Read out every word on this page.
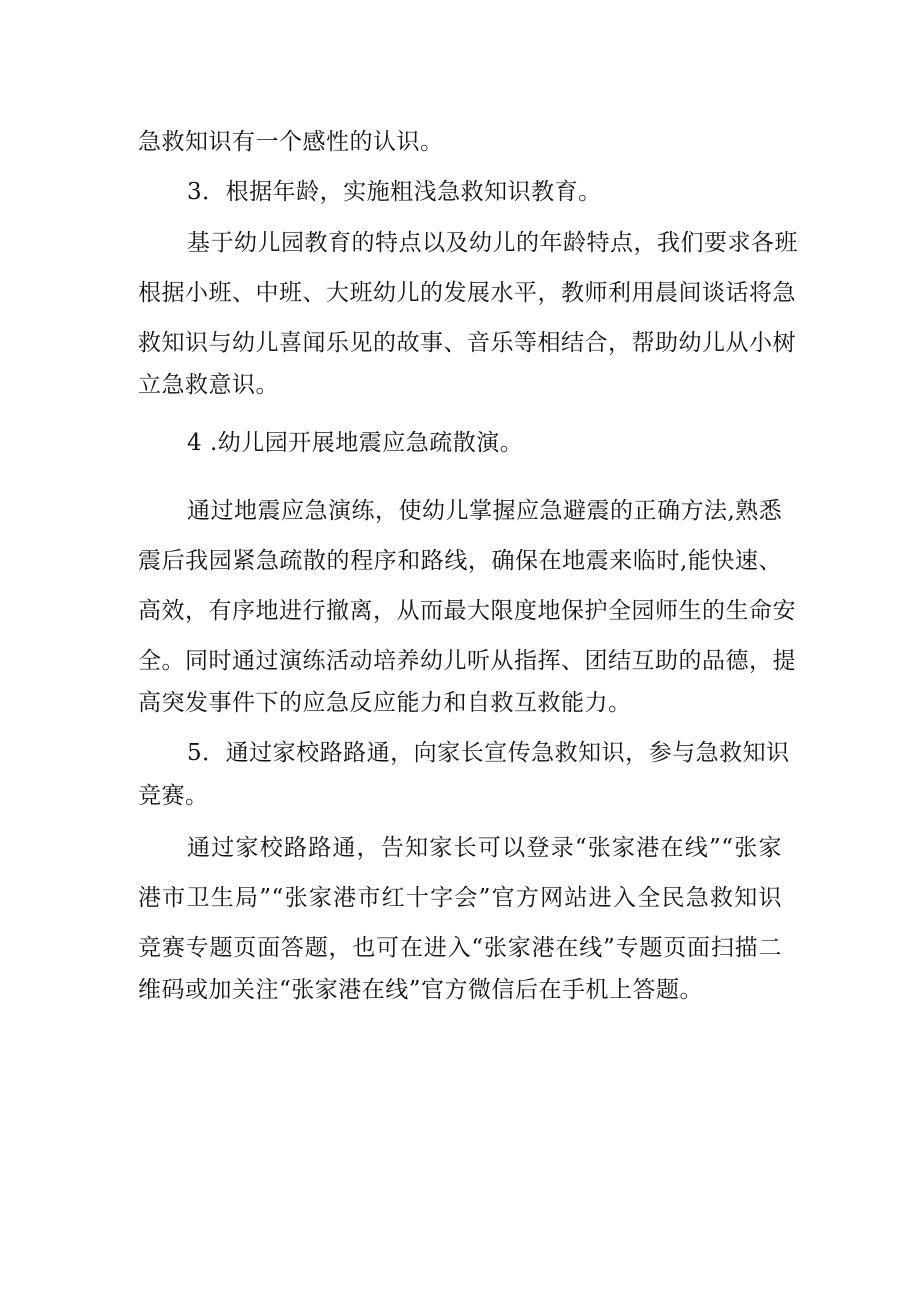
急救知识有一个感性的认识。

3．根据年龄，实施粗浅急救知识教育。

基于幼儿园教育的特点以及幼儿的年龄特点，我们要求各班

根据小班、中班、大班幼儿的发展水平，教师利用晨间谈话将急

救知识与幼儿喜闻乐见的故事、音乐等相结合，帮助幼儿从小树

立急救意识。

4 .幼儿园开展地震应急疏散演。

通过地震应急演练，使幼儿掌握应急避震的正确方法,熟悉

震后我园紧急疏散的程序和路线，确保在地震来临时,能快速、

高效，有序地进行撤离，从而最大限度地保护全园师生的生命安

全。同时通过演练活动培养幼儿听从指挥、团结互助的品德，提

高突发事件下的应急反应能力和自救互救能力。

5．通过家校路路通，向家长宣传急救知识，参与急救知识

竞赛。

通过家校路路通，告知家长可以登录“张家港在线”“张家

港市卫生局”“张家港市红十字会”官方网站进入全民急救知识

竞赛专题页面答题，也可在进入“张家港在线”专题页面扫描二

维码或加关注“张家港在线”官方微信后在手机上答题。
